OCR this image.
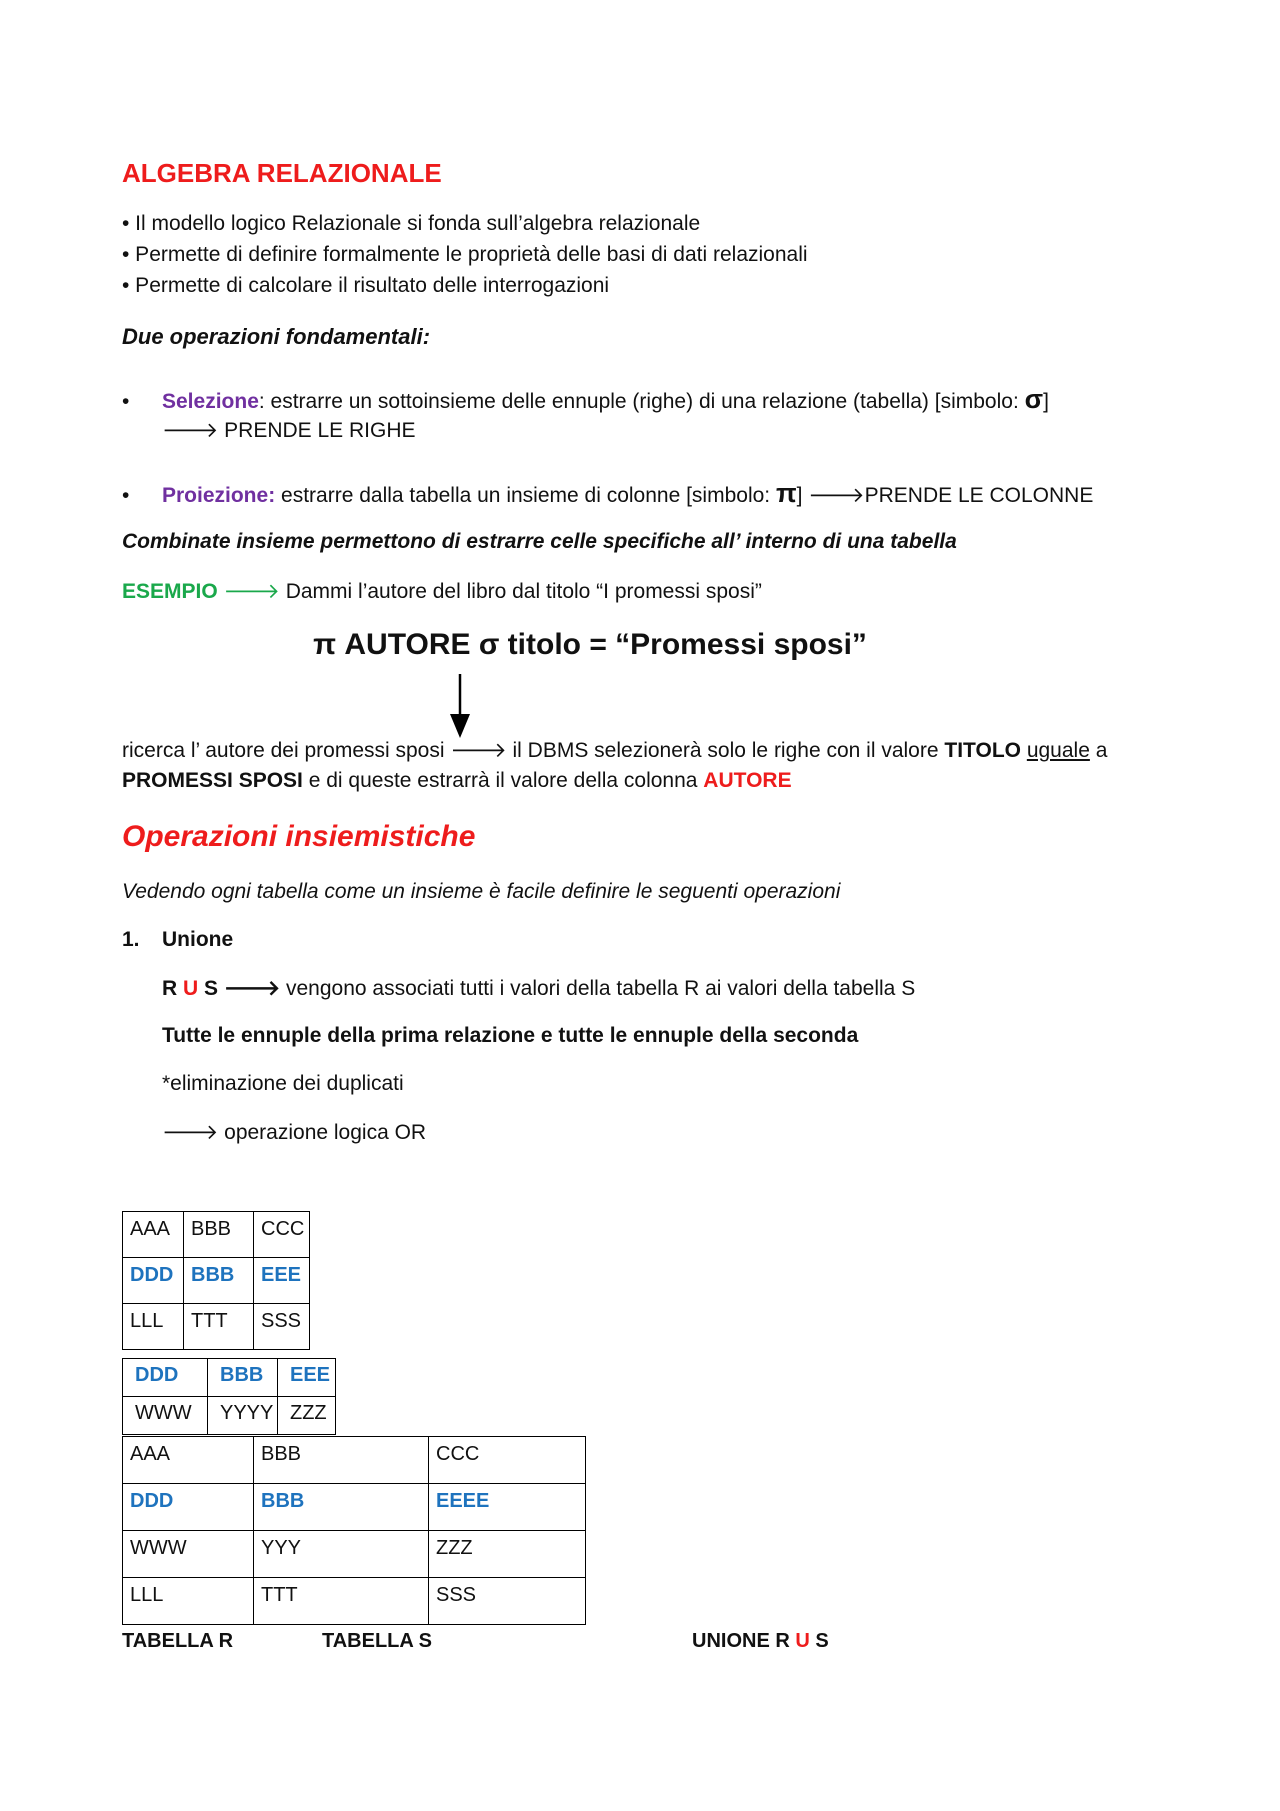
ALGEBRA RELAZIONALE
• Il modello logico Relazionale si fonda sull’algebra relazionale
• Permette di definire formalmente le proprietà delle basi di dati relazionali
• Permette di calcolare il risultato delle interrogazioni
Due operazioni fondamentali:
• Selezione: estrarre un sottoinsieme delle ennuple (righe) di una relazione (tabella) [simbolo: σ]
🡒 PRENDE LE RIGHE
• Proiezione: estrarre dalla tabella un insieme di colonne [simbolo: π] 🡒PRENDE LE COLONNE
Combinate insieme permettono di estrarre celle specifiche all’ interno di una tabella
ESEMPIO 🡒 Dammi l’autore del libro dal titolo “I promessi sposi”
π AUTORE σ titolo = “Promessi sposi”
ricerca l’ autore dei promessi sposi 🡒 il DBMS selezionerà solo le righe con il valore TITOLO uguale a
PROMESSI SPOSI e di queste estrarrà il valore della colonna AUTORE
Operazioni insiemistiche
Vedendo ogni tabella come un insieme è facile definire le seguenti operazioni
1. Unione
R U S 🡒 vengono associati tutti i valori della tabella R ai valori della tabella S
Tutte le ennuple della prima relazione e tutte le ennuple della seconda
*eliminazione dei duplicati
🡒 operazione logica OR
AAA	BBB	CCC
DDD	BBB	EEE
LLL	TTT	SSS
DDD	BBB	EEE
WWW	YYYY	ZZZ
AAA	BBB	CCC
DDD	BBB	EEEE
WWW	YYY	ZZZ
LLL	TTT	SSS
TABELLA R	TABELLA S	UNIONE R U S
